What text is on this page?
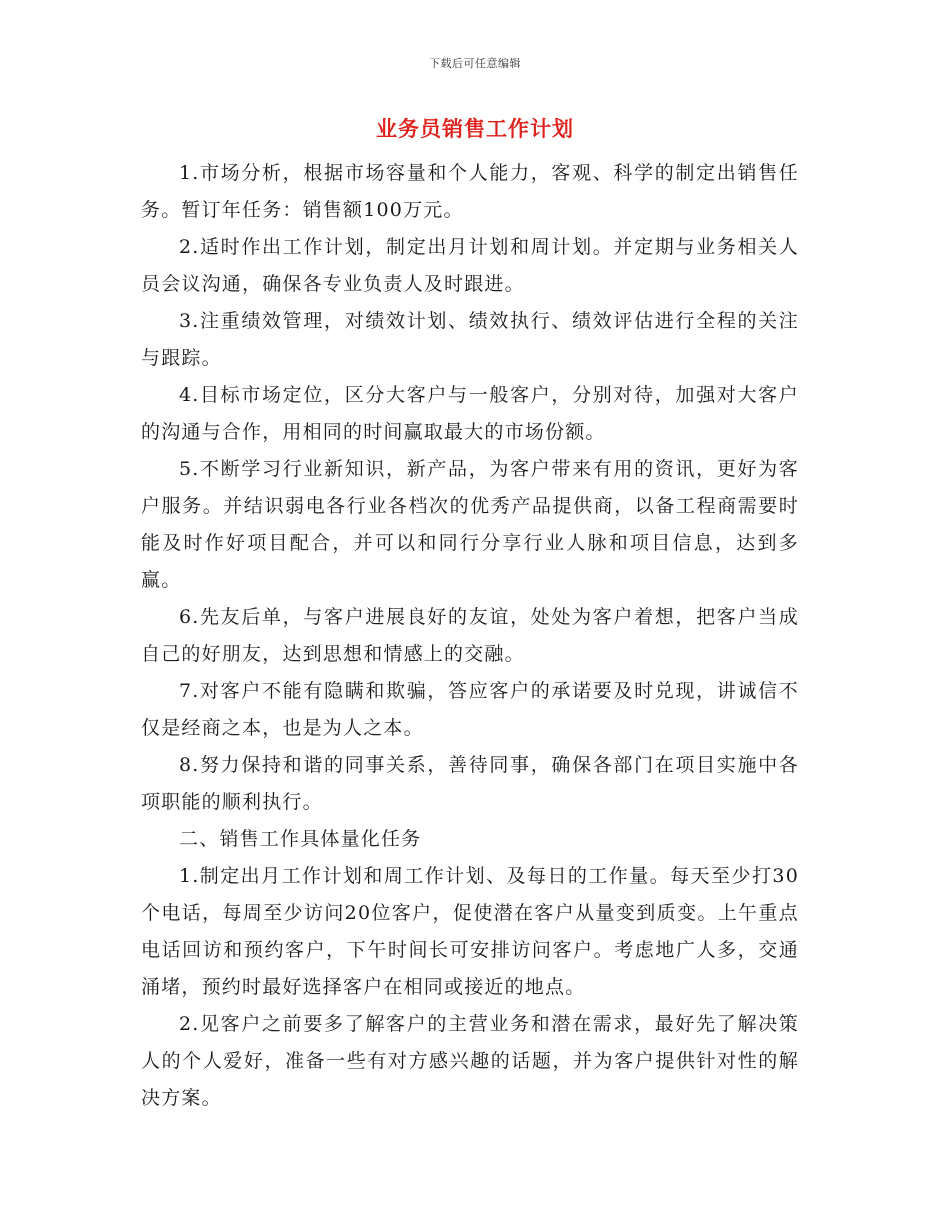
下载后可任意编辑
业务员销售工作计划

1.市场分析，根据市场容量和个人能力，客观、科学的制定出销售任务。暂订年任务：销售额100万元。

2.适时作出工作计划，制定出月计划和周计划。并定期与业务相关人员会议沟通，确保各专业负责人及时跟进。

3.注重绩效管理，对绩效计划、绩效执行、绩效评估进行全程的关注与跟踪。

4.目标市场定位，区分大客户与一般客户，分别对待，加强对大客户的沟通与合作，用相同的时间赢取最大的市场份额。

5.不断学习行业新知识，新产品，为客户带来有用的资讯，更好为客户服务。并结识弱电各行业各档次的优秀产品提供商，以备工程商需要时能及时作好项目配合，并可以和同行分享行业人脉和项目信息，达到多赢。

6.先友后单，与客户进展良好的友谊，处处为客户着想，把客户当成自己的好朋友，达到思想和情感上的交融。

7.对客户不能有隐瞒和欺骗，答应客户的承诺要及时兑现，讲诚信不仅是经商之本，也是为人之本。

8.努力保持和谐的同事关系，善待同事，确保各部门在项目实施中各项职能的顺利执行。

二、销售工作具体量化任务

1.制定出月工作计划和周工作计划、及每日的工作量。每天至少打30个电话，每周至少访问20位客户，促使潜在客户从量变到质变。上午重点电话回访和预约客户，下午时间长可安排访问客户。考虑地广人多，交通涌堵，预约时最好选择客户在相同或接近的地点。

2.见客户之前要多了解客户的主营业务和潜在需求，最好先了解决策人的个人爱好，准备一些有对方感兴趣的话题，并为客户提供针对性的解决方案。
